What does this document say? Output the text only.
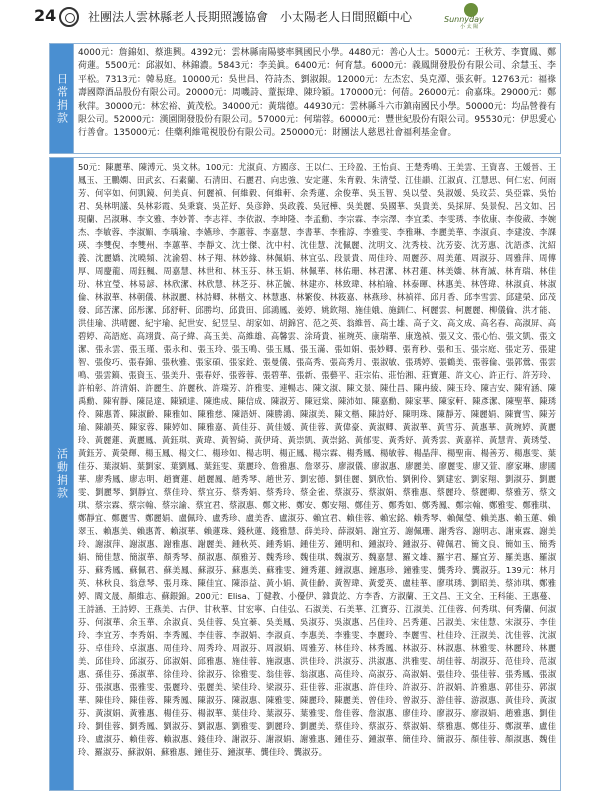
24	社團法人雲林縣老人長期照護協會　小太陽老人日間照顧中心	Sunnyday
小 太 陽
日常捐款
4000元：詹錦如、蔡進興。4392元：雲林縣南陽婆率興國民小學。4480元：善心人士。5000元：王秋芳、李寶鳳、鄭荷蓮。5500元：邱淑如、林錦濃。5843元：李美眞。6400元：何育慧。6000元：義鳳開發股份有限公司、余慧玉、李平松。7313元：韓易庭。10000元：吳世昌、符詩杰、劉淑銀。12000元：左杰宏、吳克潭、張玄軒。12763元：福祿壽國際酒品股份有限公司。20000元：周嘰詩、蕫振瑋、陳玲穎。170000元：何蓓。26000元：俞嘉珠。29000元：鄭秋萍。30000元：林宏裕、黃茂松。34000元：黃瑞德。44930元：雲林縣斗六市鎮南國民小學。50000元：均品營養有限公司。52000元：漢園開發股份有限公司。57000元：何瑞蓉。60000元：豐世紀股份有限公司。95530元：伊思愛心行善會。135000元：佳藥利維電視股份有限公司。250000元：財團法人慈恩社會福利基金會。
活動捐款
50元：陳麗華、陳溥元、吳文林。100元：尤淑貞、方國彦、王以仁、王玲盈、王怡貞、王楚秀鳴、王美雲、王資喜、王媛晉、王鳳玉、王鵬嫻、田武玄、石素蘭、石清田、石麗君、向忠強、安定蓮、朱育毅、朱清瑩、江佳韻、江淑貞、江慧思、何仁宏、何雨芳、何宰如、何凱鏡、何美貞、何麗禎、何維毅、何維軒、余秀蓮、余俊華、吳玉智、吳以瑩、吳淑媛、吳玟芸、吳亞霖、吳怡君、吳林明議、吳林彩霞、吳秉寰、吳芷妤、吳彦錚、吳政義、吳冠樺、吳美麗、吳國華、吳貴美、吳採屏、吳景倪、呂文如、呂現蘭、呂淑琳、李文雅、李妙菁、李志祥、李依淑、李坤隆、李孟勳、李宗霖、李宗澤、李宜柔、李雯琇、李依康、李俊葳、李婉杰、李敏蓉、李淑媚、李瑀瑜、李嬿珍、李蕙蓉、李嘉慧、李書華、李雅諄、李雅雯、李雅琳、李麗美華、李淑貞、李建浚、李課瑛、李雙倪、李雙州、李蕙華、李靜文、沈士傑、沈中村、沈佳慧、沈佩麗、沈明文、沈秀枝、沈芳姿、沈芳惠、沈語彥、沈紹義、沈麗嬌、沈曉頻、沈渝碧、林子翔、林妙緣、林佩娟、林宜弘、段景貴、周佳玲、周麗莎、周美蓮、周淑芬、周雅萍、周傳厚、周慶龍、周鈺楓、周嘉慧、林世和、林玉芬、林玉娟、林佩華、林佑珊、林君潔、林君蓮、林美嬌、林育誠、林育瑞、林佳玢、林宜瑩、林易諺、林欣潔、林欣慧、林芝芬、林芷毓、林建亦、林致瑋、林柏瑜、林泰暉、林惠美、林啓瑋、林淑貞、林淑倫、林淑華、林朝儀、林淑麗、林詩卿、林楷文、林慧惠、林繁俊、林筱嘉、林燕珍、林禎祥、邱月香、邱李雪雲、邱建榮、邱茂發、邱苦潔、邱彤潔、邱舒軒、邱勝均、邱貴田、邱鴻鳳、姜婷、姚欽翔、施佳娥、施釧仁、柯麗雲、柯麗麗、柳儀倫、洪才能、洪佳瑜、洪晴麗、紀宇瑜、紀世安、紀昱呈、胡家如、胡錦宮、范之英、翁維晉、高士雄、高子文、高文成、高名春、高淑屏、高碧婷、高語庭、高翊貴、高子緯、高玉美、高維雄、高馨雲、涂琦貴、崔琬英、康瑞華、康逸禎、張又文、張心怡、張文凱、張文潔、張永雲、張玉瑾、張永和、張玉玲、張玉鳴、張玉鳳、張玉滿、張如娟、張妙卿、張育秒、張和玉、張宗庭、張定芳、張建智、張俊巧、張春錦、張秋雅、張家碩、張家銓、張曼儀、張高秀、張高秀月、張淑敏、張琇婷、張鶴美、張蓉倫、張郭鶯、張雲鳴、張雲鎬、張資玉、張美升、張春妤、張蓉蓉、張碧華、張新、張藝平、莊宗佑、莊怡湘、莊寶蓮、許文心、許正行、許芳玲、許柏彰、許清娟、許麗生、許麗秋、許瑞芳、許雅雯、連暢志、陳文淑、陳文景、陳仕昌、陳冉綾、陳玉玲、陳吉安、陳宥涵、陳禹勳、陳宥靜、陳昆達、陳穎達、陳進成、陳信成、陳淑芳、陳冠棠、陳沛如、陳嘉勳、陳家華、陳家軒、陳彥潔、陳聖華、陳琇伶、陳惠菁、陳淑齡、陳雅如、陳雅慈、陳語妍、陳勝鴻、陳淑美、陳文楷、陳詩妤、陳明珠、陳靜芳、陳麗娟、陳寶雪、陳芳瑜、陳韻英、陳家蓉、陳婷如、陳雅嘉、黃佳芬、黃佳媛、黃佳蓉、黃偉豪、黃淑卿、黃淑華、黃雪芬、黃惠華、黃琬婷、黃麗玲、黃麗蓮、黃麗鳳、黃鈺琪、黃瑋、黃智綺、黃伊琦、黃崇凱、黃崇銘、黃郁雯、黃秀妤、黃秀雲、黃嘉祥、黃慧青、黃琇瑩、黃鈺芳、黃榮輝、楊玉鳳、楊文仁、楊珍如、楊志明、楊正鳳、楊宗霖、楊秀鳳、楊敏蓉、楊晶萍、楊聖南、楊善芳、楊惠雯、葉佳芬、葉淑娟、葉劉家、葉劉鳳、葉鈺雯、葉麗玲、詹雅惠、詹翠芬、廖淑儀、廖淑惠、廖麗美、廖麗雯、廖又萱、廖家琳、廖國華、廖秀鳳、廖志明、趙寶蓮、趙麗鳳、趙秀琴、趙世芳、劉宏德、劉佳麗、劉欣怡、劉俐伶、劉建宏、劉家翔、劉淑芬、劉麗雯、劉麗琴、劉靜宜、蔡佳玲、蔡宜芬、蔡秀娟、蔡秀玲、蔡金雀、蔡淑芬、蔡淑娟、蔡雅惠、蔡麗玲、蔡麗卿、蔡雅芳、蔡文琪、蔡宗霖、蔡宗翰、蔡宗諭、蔡宜君、蔡淑惠、鄭文彬、鄭安、鄭安翔、鄭佳芳、鄭秀如、鄭秀鳳、鄭宗翰、鄭雅雯、鄭雅琪、鄭靜宜、鄭麗雪、鄭麗娟、盧佩玲、盧秀珍、盧美香、盧淑芬、賴宜君、賴佳蓉、賴宏銘、賴秀琴、賴佩瑩、賴美惠、賴玉蓮、賴翠玉、賴惠美、賴惠菁、賴淑華、賴蓮珠、錢秋蓮、錢雅慧、薛美玲、薛淑娟、謝宜芳、謝佩珊、謝秀容、謝明志、謝東霖、謝美玲、謝淑萍、謝淑惠、謝雅惠、謝麗美、鍾秋英、鍾秀娟、鍾佳芳、鍾明和、鍾淑玲、鍾淑芬、韓佩君、簡文良、簡如玉、簡秀娟、簡佳慧、簡淑華、顏秀琴、顏淑惠、顏雅芳、魏秀珍、魏佳琪、魏淑芳、魏嘉慧、羅文雄、羅宇君、羅宜芳、羅美惠、羅淑芬、蘇秀鳳、蘇佩君、蘇美鳳、蘇淑芬、蘇惠美、蘇雅雯、鐘秀蓮、鐘淑惠、鐘惠珍、鐘雅雯、龔秀玲、龔淑芬。139元：林月英、林秋良、翁意琴、張月珠、陳佳宜、陳添益、黃小娟、黃佳齡、黃智瑋、黃愛英、盧桂華、廖琪琇、劉昭美、蔡沛琪、鄭雅婷、閻文晟、顏維志、蘇銀錦。200元：Elisa、丁健教、小優伊、雜貴訖、方李香、方淑蘭、王文昌、王文全、王科能、王惠蔓、王詩涵、王詩婷、王燕美、古伊、甘秋華、甘宏寧、白佳弘、石淑美、石美華、江寶芬、江淑美、江佳蓉、何秀琪、何秀蘭、何淑芬、何淑華、余玉華、余淑貞、吳佳蓉、吳宜蓁、吳美鳳、吳淑芬、吳淑惠、呂佳玲、呂秀蓮、呂淑美、宋佳慧、宋淑芬、李佳玲、李宜芳、李秀娟、李秀鳳、李佳蓉、李淑娟、李淑貞、李惠美、李雅雯、李麗玲、李麗雪、杜佳玲、汪淑美、沈佳蓉、沈淑芬、卓佳玲、卓淑惠、周佳玲、周秀玲、周淑芬、周淑娟、周雅芳、林佳玲、林秀鳳、林淑芬、林淑惠、林雅雯、林麗玲、林麗美、邱佳玲、邱淑芬、邱淑娟、邱雅惠、施佳蓉、施淑惠、洪佳玲、洪淑芬、洪淑惠、洪雅雯、胡佳蓉、胡淑芬、范佳玲、范淑惠、孫佳芬、孫淑華、徐佳玲、徐淑芬、徐雅雯、翁佳蓉、翁淑惠、高佳玲、高淑芬、高淑娟、張佳玲、張佳蓉、張秀鳳、張淑芬、張淑惠、張雅雯、張麗玲、張麗美、梁佳玲、梁淑芬、莊佳蓉、莊淑惠、許佳玲、許淑芬、許淑娟、許雅惠、郭佳芬、郭淑華、陳佳玲、陳佳蓉、陳秀鳳、陳淑芬、陳淑惠、陳雅雯、陳麗玲、陳麗美、曾佳玲、曾淑芬、游佳蓉、游淑惠、黃佳玲、黃淑芬、黃淑娟、黃雅惠、楊佳芬、楊淑華、葉佳玲、葉淑芬、葉雅雯、詹佳蓉、詹淑惠、廖佳玲、廖淑芬、廖淑娟、趙雅惠、劉佳玲、劉佳蓉、劉秀鳳、劉淑芬、劉淑惠、劉雅雯、劉麗玲、劉麗美、蔡佳玲、蔡淑芬、蔡淑娟、蔡雅惠、鄭佳芬、鄭淑華、盧佳玲、盧淑芬、賴佳蓉、賴淑惠、錢佳玲、謝淑芬、謝淑娟、謝雅惠、鍾佳芬、鍾淑華、簡佳玲、簡淑芬、顏佳蓉、顏淑惠、魏佳玲、羅淑芬、蘇淑娟、蘇雅惠、鐘佳芬、鐘淑華、龔佳玲、龔淑芬。
